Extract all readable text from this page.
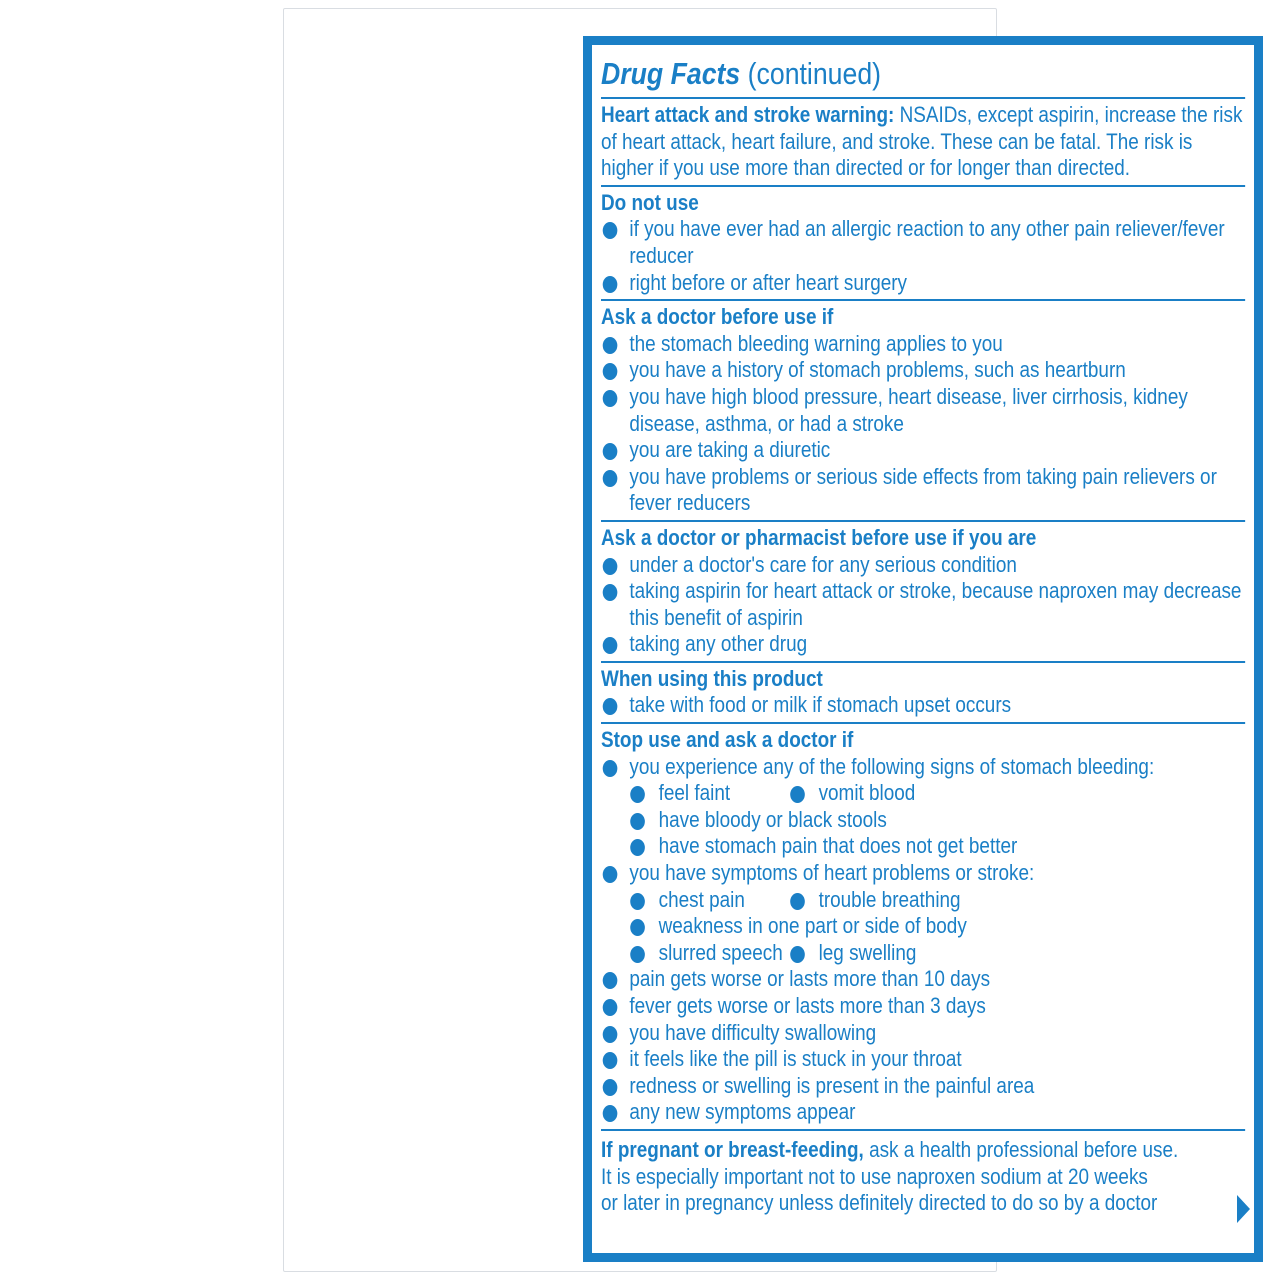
Drug Facts (continued)
Heart attack and stroke warning: NSAIDs, except aspirin, increase the risk of heart attack, heart failure, and stroke. These can be fatal. The risk is higher if you use more than directed or for longer than directed.
Do not use
if you have ever had an allergic reaction to any other pain reliever/fever reducer
right before or after heart surgery
Ask a doctor before use if
the stomach bleeding warning applies to you
you have a history of stomach problems, such as heartburn
you have high blood pressure, heart disease, liver cirrhosis, kidney disease, asthma, or had a stroke
you are taking a diuretic
you have problems or serious side effects from taking pain relievers or fever reducers
Ask a doctor or pharmacist before use if you are
under a doctor's care for any serious condition
taking aspirin for heart attack or stroke, because naproxen may decrease this benefit of aspirin
taking any other drug
When using this product
take with food or milk if stomach upset occurs
Stop use and ask a doctor if
you experience any of the following signs of stomach bleeding:
feel faint	vomit blood
have bloody or black stools
have stomach pain that does not get better
you have symptoms of heart problems or stroke:
chest pain	trouble breathing
weakness in one part or side of body
slurred speech	leg swelling
pain gets worse or lasts more than 10 days
fever gets worse or lasts more than 3 days
you have difficulty swallowing
it feels like the pill is stuck in your throat
redness or swelling is present in the painful area
any new symptoms appear
If pregnant or breast-feeding, ask a health professional before use.
It is especially important not to use naproxen sodium at 20 weeks
or later in pregnancy unless definitely directed to do so by a doctor
